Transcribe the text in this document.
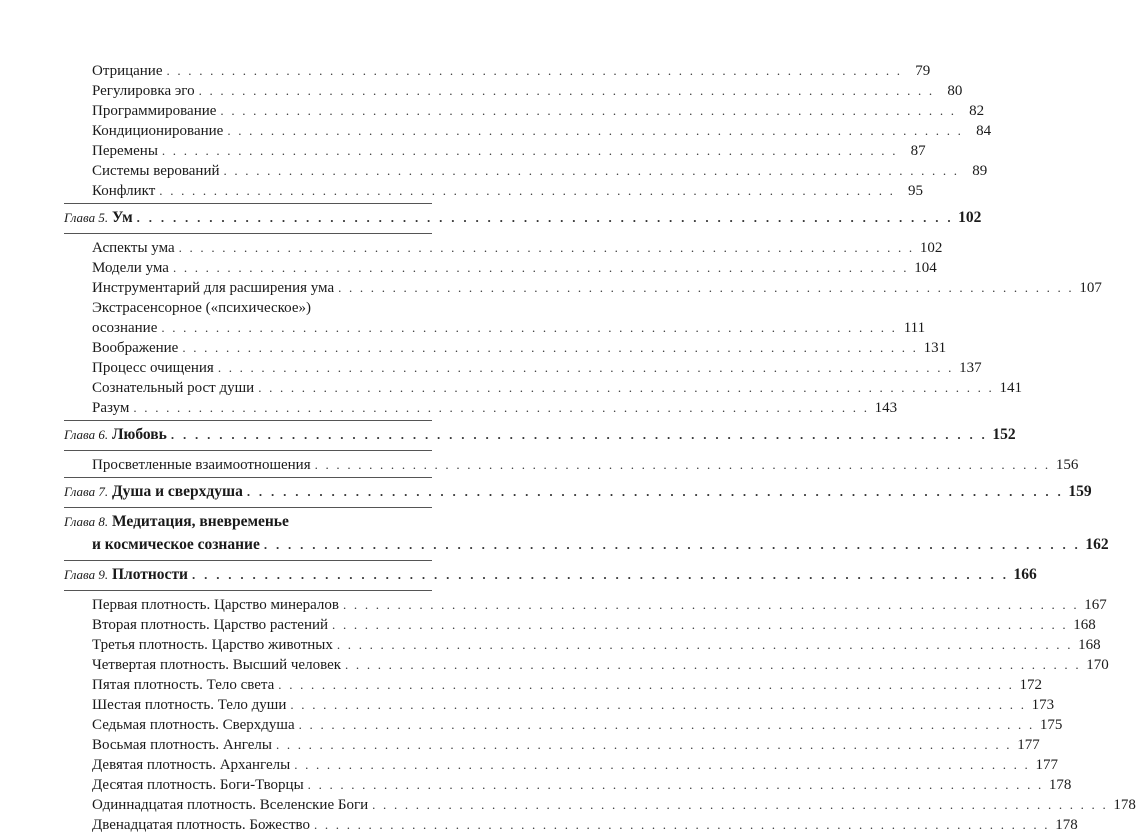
Отрицание . . . . . . . . . . . . . . . . . . . . . . . . . . . . . . . . . . . . . . . . . . . . . . . . . . . . . . . . . . . . . . . . . . . . 79
Регулировка эго . . . . . . . . . . . . . . . . . . . . . . . . . . . . . . . . . . . . . . . . . . . . . . . . . . . . . . . . . . . . . . . . . . . . 80
Программирование . . . . . . . . . . . . . . . . . . . . . . . . . . . . . . . . . . . . . . . . . . . . . . . . . . . . . . . . . . . . . . . . . . . . 82
Кондиционирование . . . . . . . . . . . . . . . . . . . . . . . . . . . . . . . . . . . . . . . . . . . . . . . . . . . . . . . . . . . . . . . . . . . . 84
Перемены . . . . . . . . . . . . . . . . . . . . . . . . . . . . . . . . . . . . . . . . . . . . . . . . . . . . . . . . . . . . . . . . . . . . 87
Системы верований . . . . . . . . . . . . . . . . . . . . . . . . . . . . . . . . . . . . . . . . . . . . . . . . . . . . . . . . . . . . . . . . . . . . 89
Конфликт . . . . . . . . . . . . . . . . . . . . . . . . . . . . . . . . . . . . . . . . . . . . . . . . . . . . . . . . . . . . . . . . . . . . 95
Глава 5. Ум . . . . . . . . . . . . . . . . . . . . . . . . . . . . . . . . . . . . . . . . . . . . . . . . . . . . . . . . . . . . . . . . . . . . 102
Аспекты ума . . . . . . . . . . . . . . . . . . . . . . . . . . . . . . . . . . . . . . . . . . . . . . . . . . . . . . . . . . . . . . . . . . . . 102
Модели ума . . . . . . . . . . . . . . . . . . . . . . . . . . . . . . . . . . . . . . . . . . . . . . . . . . . . . . . . . . . . . . . . . . . . 104
Инструментарий для расширения ума . . . . . . . . . . . . . . . . . . . . . . . . . . . . . . . . . . . . . . . . . . . . . . . . . . . . . . . . . . . . . . . . . . . . 107
Экстрасенсорное («психическое»)
осознание . . . . . . . . . . . . . . . . . . . . . . . . . . . . . . . . . . . . . . . . . . . . . . . . . . . . . . . . . . . . . . . . . . . . 111
Воображение . . . . . . . . . . . . . . . . . . . . . . . . . . . . . . . . . . . . . . . . . . . . . . . . . . . . . . . . . . . . . . . . . . . . 131
Процесс очищения . . . . . . . . . . . . . . . . . . . . . . . . . . . . . . . . . . . . . . . . . . . . . . . . . . . . . . . . . . . . . . . . . . . . 137
Сознательный рост души . . . . . . . . . . . . . . . . . . . . . . . . . . . . . . . . . . . . . . . . . . . . . . . . . . . . . . . . . . . . . . . . . . . . 141
Разум . . . . . . . . . . . . . . . . . . . . . . . . . . . . . . . . . . . . . . . . . . . . . . . . . . . . . . . . . . . . . . . . . . . . 143
Глава 6. Любовь . . . . . . . . . . . . . . . . . . . . . . . . . . . . . . . . . . . . . . . . . . . . . . . . . . . . . . . . . . . . . . . . . . . . 152
Просветленные взаимоотношения . . . . . . . . . . . . . . . . . . . . . . . . . . . . . . . . . . . . . . . . . . . . . . . . . . . . . . . . . . . . . . . . . . . . 156
Глава 7. Душа и сверхдуша . . . . . . . . . . . . . . . . . . . . . . . . . . . . . . . . . . . . . . . . . . . . . . . . . . . . . . . . . . . . . . . . . . . . 159
Глава 8. Медитация, вневременье
и космическое сознание . . . . . . . . . . . . . . . . . . . . . . . . . . . . . . . . . . . . . . . . . . . . . . . . . . . . . . . . . . . . . . . . . . . . 162
Глава 9. Плотности . . . . . . . . . . . . . . . . . . . . . . . . . . . . . . . . . . . . . . . . . . . . . . . . . . . . . . . . . . . . . . . . . . . . 166
Первая плотность. Царство минералов . . . . . . . . . . . . . . . . . . . . . . . . . . . . . . . . . . . . . . . . . . . . . . . . . . . . . . . . . . . . . . . . . . . . 167
Вторая плотность. Царство растений . . . . . . . . . . . . . . . . . . . . . . . . . . . . . . . . . . . . . . . . . . . . . . . . . . . . . . . . . . . . . . . . . . . . 168
Третья плотность. Царство животных . . . . . . . . . . . . . . . . . . . . . . . . . . . . . . . . . . . . . . . . . . . . . . . . . . . . . . . . . . . . . . . . . . . . 168
Четвертая плотность. Высший человек . . . . . . . . . . . . . . . . . . . . . . . . . . . . . . . . . . . . . . . . . . . . . . . . . . . . . . . . . . . . . . . . . . . . 170
Пятая плотность. Тело света . . . . . . . . . . . . . . . . . . . . . . . . . . . . . . . . . . . . . . . . . . . . . . . . . . . . . . . . . . . . . . . . . . . . 172
Шестая плотность. Тело души . . . . . . . . . . . . . . . . . . . . . . . . . . . . . . . . . . . . . . . . . . . . . . . . . . . . . . . . . . . . . . . . . . . . 173
Седьмая плотность. Сверхдуша . . . . . . . . . . . . . . . . . . . . . . . . . . . . . . . . . . . . . . . . . . . . . . . . . . . . . . . . . . . . . . . . . . . . 175
Восьмая плотность. Ангелы . . . . . . . . . . . . . . . . . . . . . . . . . . . . . . . . . . . . . . . . . . . . . . . . . . . . . . . . . . . . . . . . . . . . 177
Девятая плотность. Архангелы . . . . . . . . . . . . . . . . . . . . . . . . . . . . . . . . . . . . . . . . . . . . . . . . . . . . . . . . . . . . . . . . . . . . 177
Десятая плотность. Боги-Творцы . . . . . . . . . . . . . . . . . . . . . . . . . . . . . . . . . . . . . . . . . . . . . . . . . . . . . . . . . . . . . . . . . . . . 178
Одиннадцатая плотность. Вселенские Боги . . . . . . . . . . . . . . . . . . . . . . . . . . . . . . . . . . . . . . . . . . . . . . . . . . . . . . . . . . . . . . . . . . . . 178
Двенадцатая плотность. Божество . . . . . . . . . . . . . . . . . . . . . . . . . . . . . . . . . . . . . . . . . . . . . . . . . . . . . . . . . . . . . . . . . . . . 178
